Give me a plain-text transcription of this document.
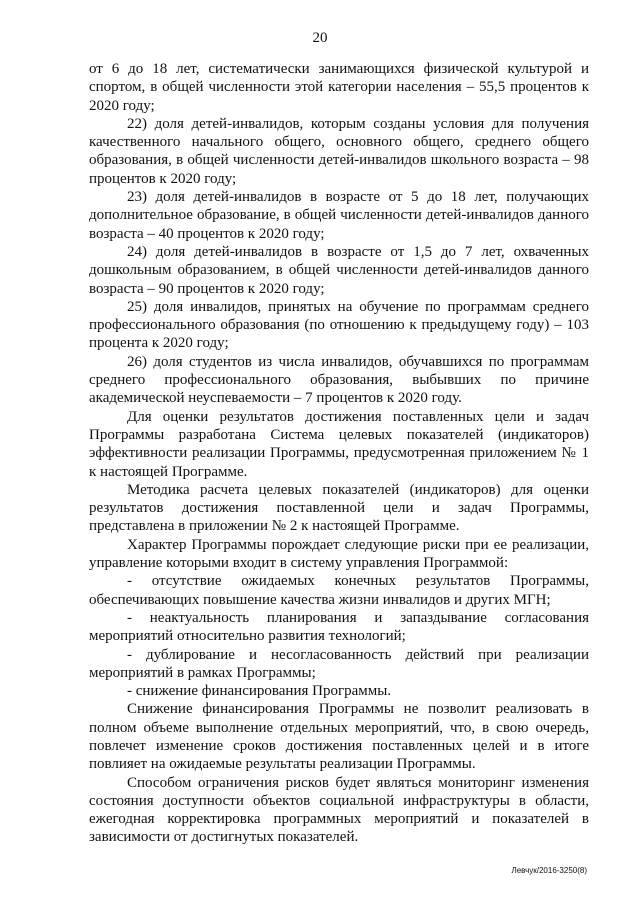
20

от 6 до 18 лет, систематически занимающихся физической культурой и спортом, в общей численности этой категории населения – 55,5 процентов к 2020 году;

22) доля детей-инвалидов, которым созданы условия для получения качественного начального общего, основного общего, среднего общего образования, в общей численности детей-инвалидов школьного возраста – 98 процентов к 2020 году;

23) доля детей-инвалидов в возрасте от 5 до 18 лет, получающих дополнительное образование, в общей численности детей-инвалидов данного возраста – 40 процентов к 2020 году;

24) доля детей-инвалидов в возрасте от 1,5 до 7 лет, охваченных дошкольным образованием, в общей численности детей-инвалидов данного возраста – 90 процентов к 2020 году;

25) доля инвалидов, принятых на обучение по программам среднего профессионального образования (по отношению к предыдущему году) – 103 процента к 2020 году;

26) доля студентов из числа инвалидов, обучавшихся по программам среднего профессионального образования, выбывших по причине академической неуспеваемости – 7 процентов к 2020 году.

Для оценки результатов достижения поставленных цели и задач Программы разработана Система целевых показателей (индикаторов) эффективности реализации Программы, предусмотренная приложением № 1 к настоящей Программе.

Методика расчета целевых показателей (индикаторов) для оценки результатов достижения поставленной цели и задач Программы, представлена в приложении № 2 к настоящей Программе.

Характер Программы порождает следующие риски при ее реализации, управление которыми входит в систему управления Программой:

- отсутствие ожидаемых конечных результатов Программы, обеспечивающих повышение качества жизни инвалидов и других МГН;

- неактуальность планирования и запаздывание согласования мероприятий относительно развития технологий;

- дублирование и несогласованность действий при реализации мероприятий в рамках Программы;

- снижение финансирования Программы.

Снижение финансирования Программы не позволит реализовать в полном объеме выполнение отдельных мероприятий, что, в свою очередь, повлечет изменение сроков достижения поставленных целей и в итоге повлияет на ожидаемые результаты реализации Программы.

Способом ограничения рисков будет являться мониторинг изменения состояния доступности объектов социальной инфраструктуры в области, ежегодная корректировка программных мероприятий и показателей в зависимости от достигнутых показателей.

Левчук/2016-3250(8)
